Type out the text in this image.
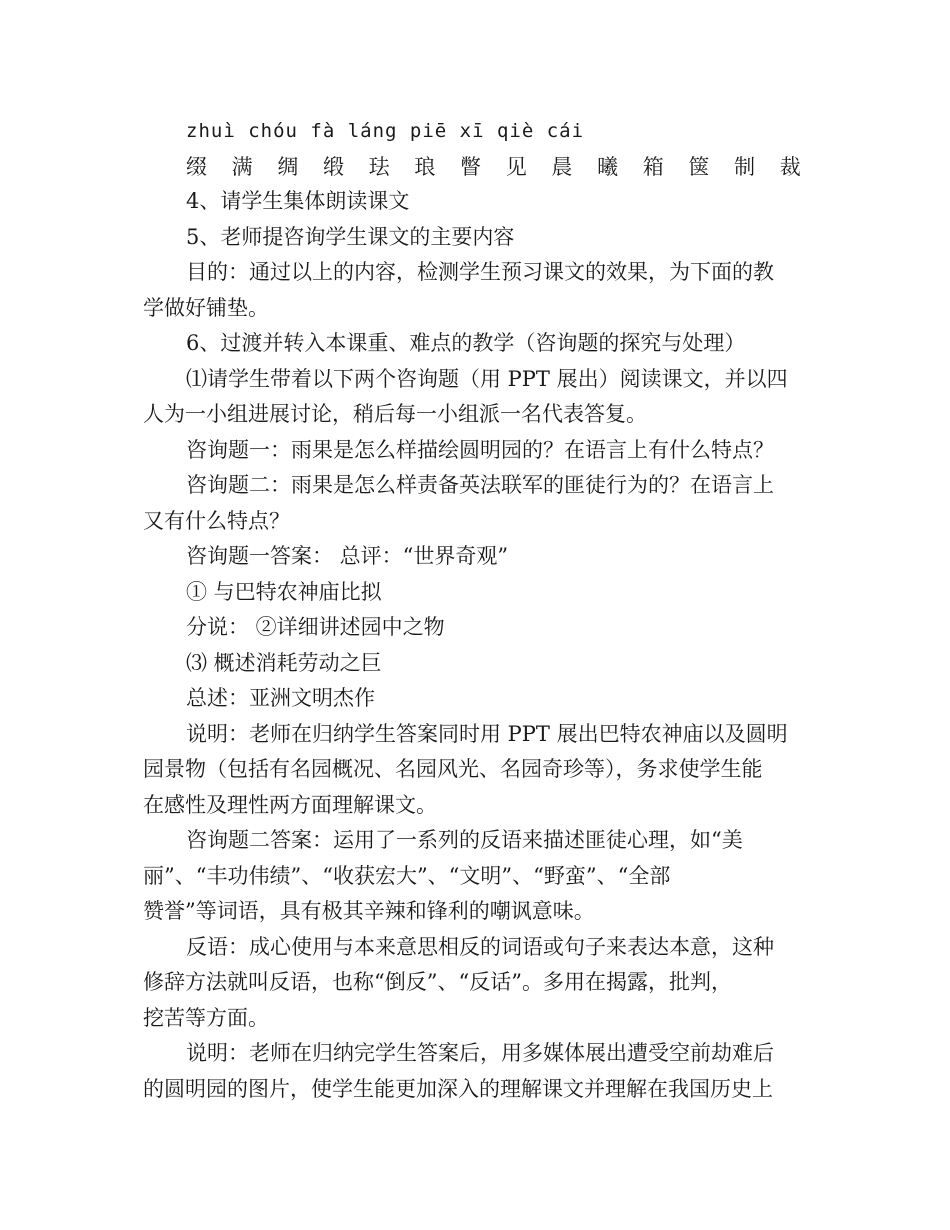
zhuì chóu fà láng piē xī qiè cái
缀 满 绸 缎 珐 琅 瞥 见 晨 曦 箱 箧 制 裁
4、请学生集体朗读课文
5、老师提咨询学生课文的主要内容
目的：通过以上的内容，检测学生预习课文的效果，为下面的教
学做好铺垫。
6、过渡并转入本课重、难点的教学（咨询题的探究与处理）
⑴请学生带着以下两个咨询题（用 PPT 展出）阅读课文，并以四
人为一小组进展讨论，稍后每一小组派一名代表答复。
咨询题一：雨果是怎么样描绘圆明园的？在语言上有什么特点？
咨询题二：雨果是怎么样责备英法联军的匪徒行为的？在语言上
又有什么特点？
咨询题一答案： 总评：“世界奇观”
① 与巴特农神庙比拟
分说： ②详细讲述园中之物
⑶ 概述消耗劳动之巨
总述：亚洲文明杰作
说明：老师在归纳学生答案同时用 PPT 展出巴特农神庙以及圆明
园景物（包括有名园概况、名园风光、名园奇珍等），务求使学生能
在感性及理性两方面理解课文。
咨询题二答案：运用了一系列的反语来描述匪徒心理，如“美
丽”、“丰功伟绩”、“收获宏大”、“文明”、“野蛮”、“全部
赞誉”等词语，具有极其辛辣和锋利的嘲讽意味。
反语：成心使用与本来意思相反的词语或句子来表达本意，这种
修辞方法就叫反语，也称“倒反”、“反话”。多用在揭露，批判，
挖苦等方面。
说明：老师在归纳完学生答案后，用多媒体展出遭受空前劫难后
的圆明园的图片，使学生能更加深入的理解课文并理解在我国历史上
